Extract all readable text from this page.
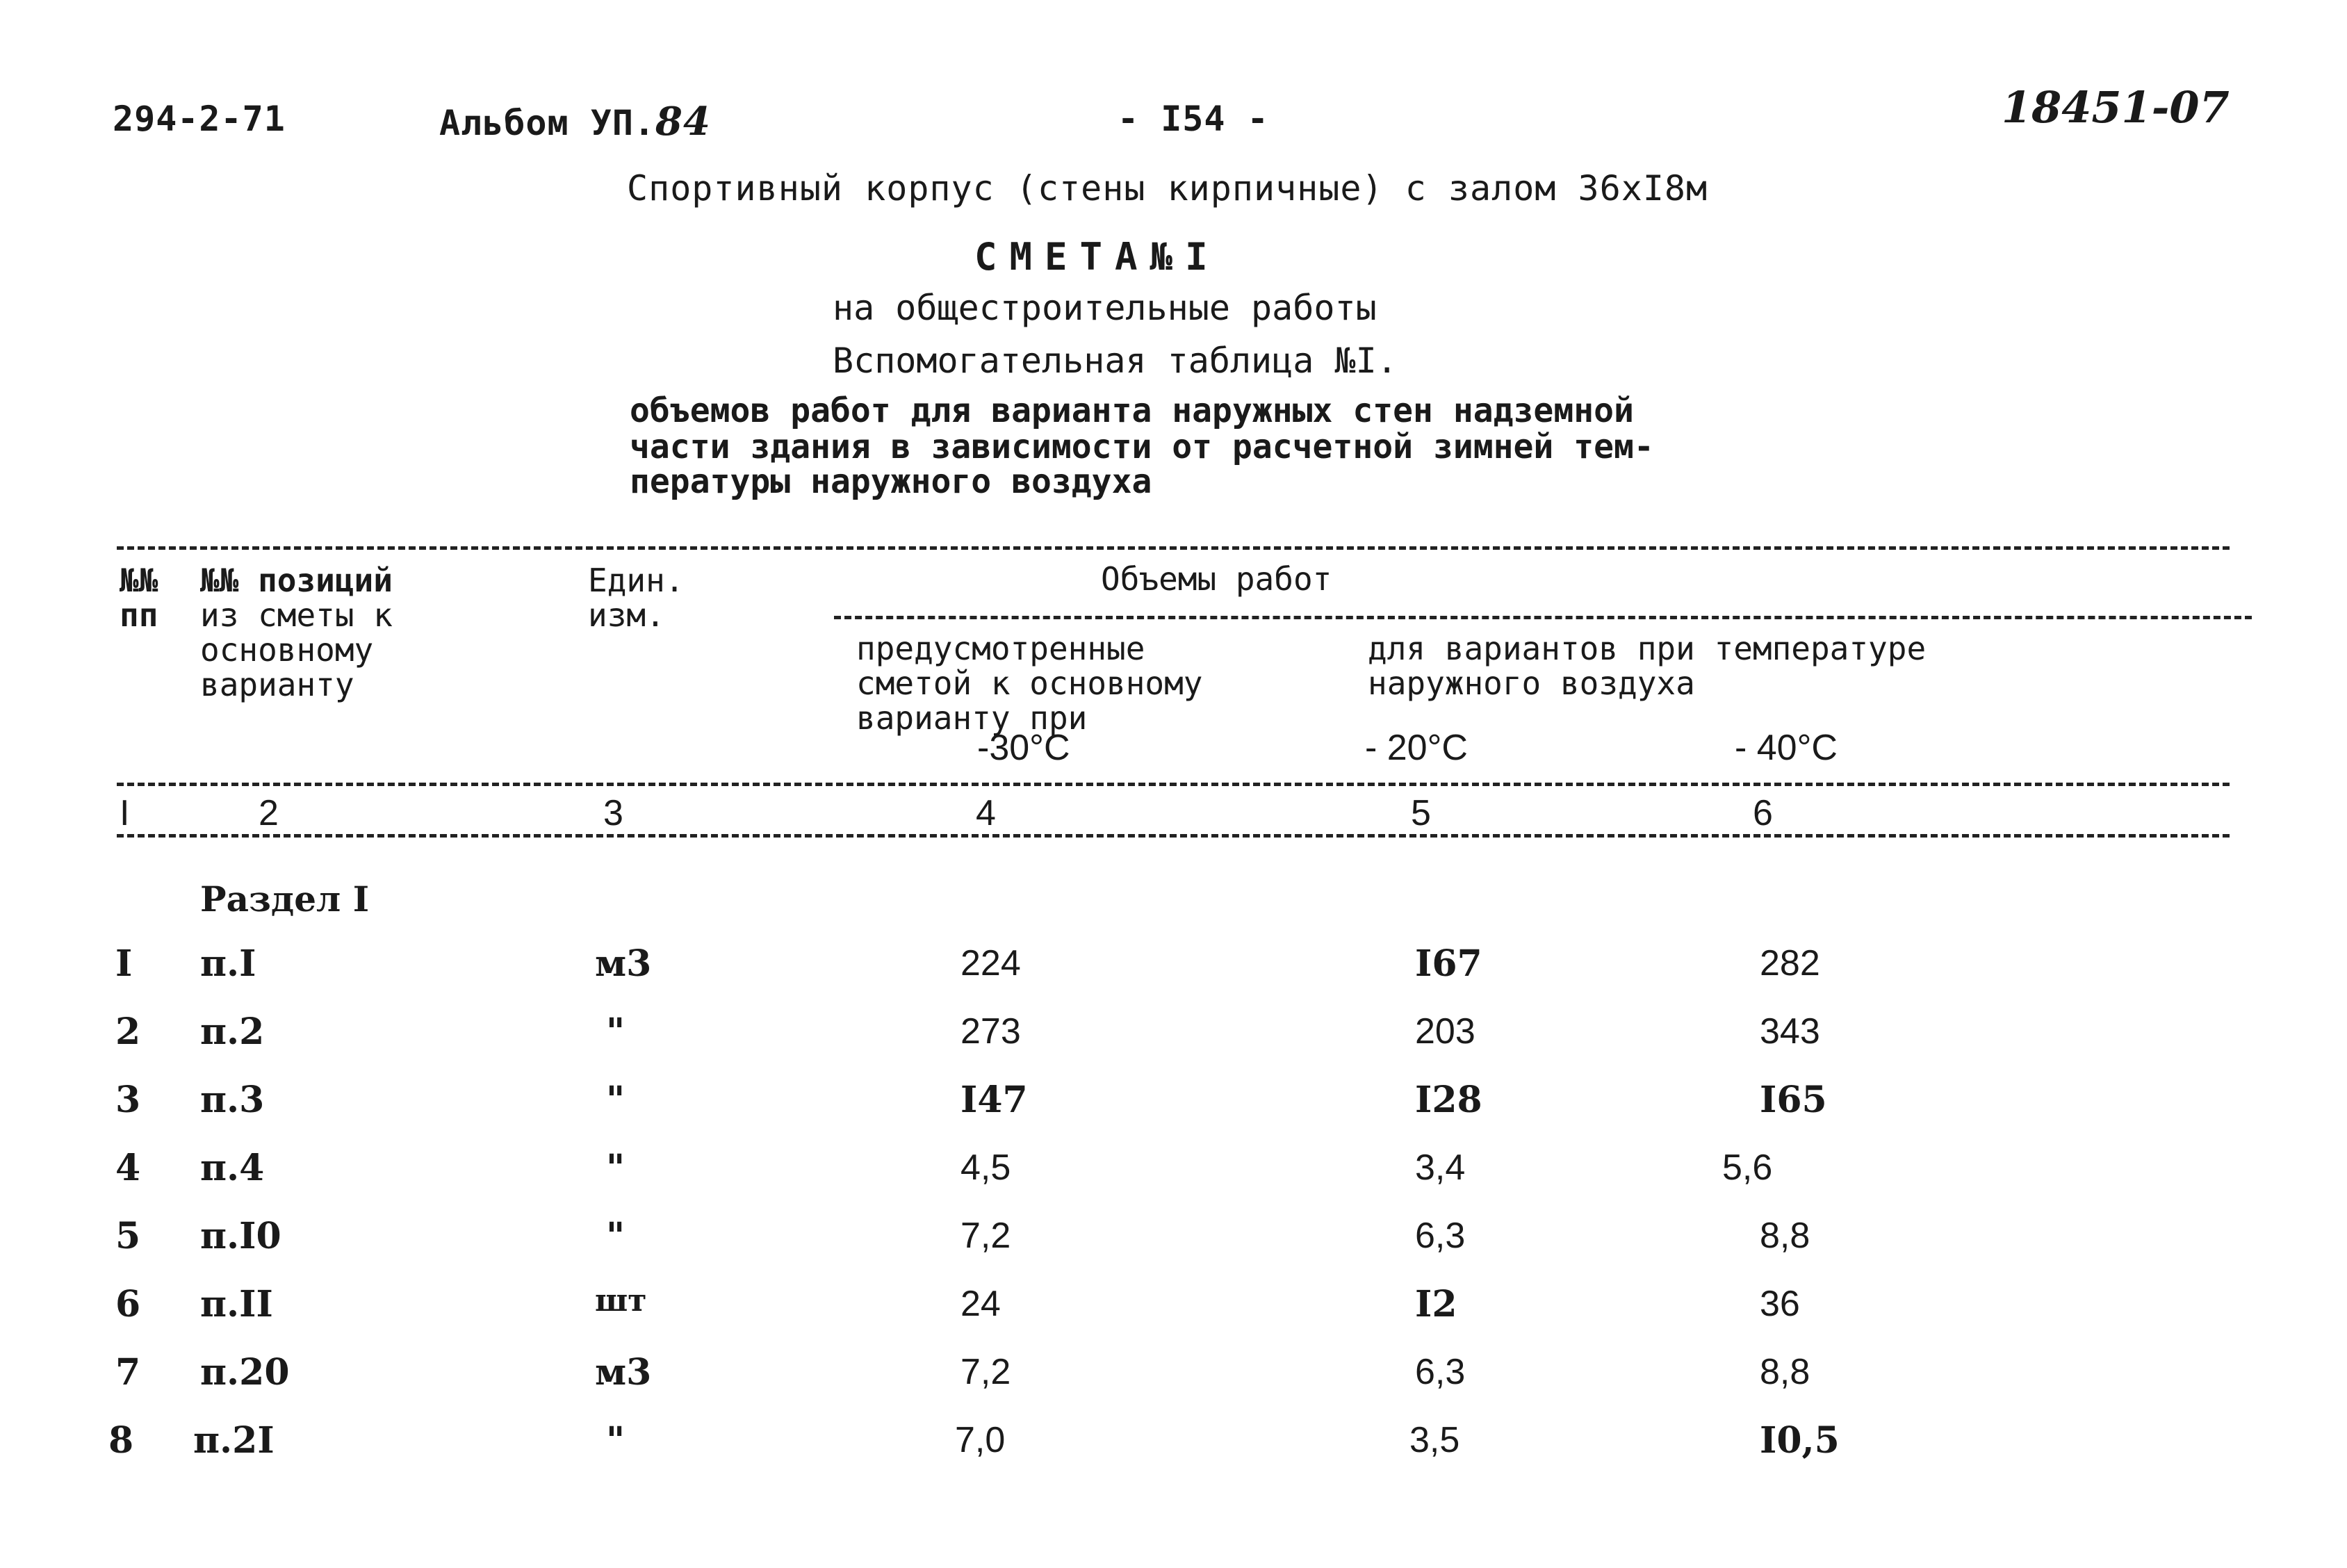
294-2-71	Альбом УП.84	- I54 -	18451-07
Спортивный корпус (стены кирпичные) с залом 36хI8м
СМЕТА№I
на общестроительные работы
Вспомогательная таблица №I.
объемов работ для варианта наружных стен надземной
части здания в зависимости от расчетной зимней тем-
пературы наружного воздуха
№№
пп
№№ позиций
из сметы к
основному
варианту
Един.
изм.
Объемы работ
предусмотренные
сметой к основному
варианту при
-30°С
для вариантов при температуре
наружного воздуха
- 20°С	- 40°С
I	2	3	4	5	6
Раздел I
I п.I	м3	224	I67	282
2 п.2	"	273	203	343
3 п.3	"	I47	I28	I65
4 п.4	"	4,5	3,4	5,6
5 п.I0	"	7,2	6,3	8,8
6 п.II	шт	24	I2	36
7 п.20	м3	7,2	6,3	8,8
8 п.2I	"	7,0	3,5	I0,5
